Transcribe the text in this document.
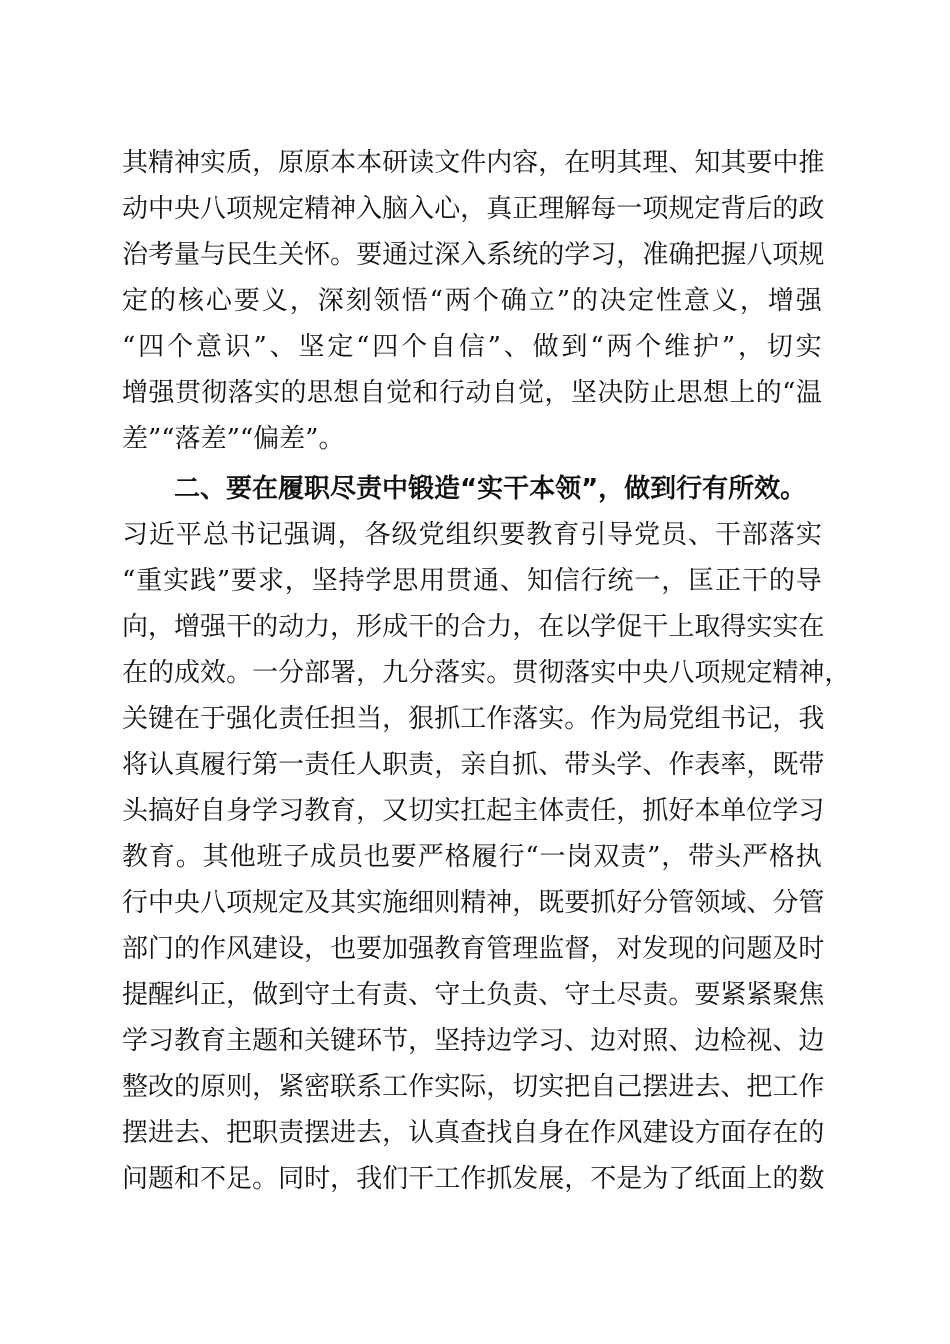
其 精 神 实 质 ， 原 原 本 本 研 读 文 件 内 容 ， 在 明 其 理 、 知 其 要 中 推
动 中 央 八 项 规 定 精 神 入 脑 入 心 ， 真 正 理 解 每 一 项 规 定 背 后 的 政
治 考 量 与 民 生 关 怀 。 要 通 过 深 入 系 统 的 学 习 ， 准 确 把 握 八 项 规
定 的 核 心 要 义 ， 深 刻 领 悟 “ 两 个 确 立 ” 的 决 定 性 意 义 ， 增 强
“ 四 个 意 识 ” 、 坚 定 “ 四 个 自 信 ” 、 做 到 “ 两 个 维 护 ” ， 切 实
增 强 贯 彻 落 实 的 思 想 自 觉 和 行 动 自 觉 ， 坚 决 防 止 思 想 上 的 “ 温
差”“落差”“偏差”。
二、要在履职尽责中锻造“实干本领”，做到行有所效。
习 近 平 总 书 记 强 调 ， 各 级 党 组 织 要 教 育 引 导 党 员 、 干 部 落 实
“ 重 实 践 ” 要 求 ， 坚 持 学 思 用 贯 通 、 知 信 行 统 一 ， 匡 正 干 的 导
向 ， 增 强 干 的 动 力 ， 形 成 干 的 合 力 ， 在 以 学 促 干 上 取 得 实 实 在
在 的 成 效 。 一 分 部 署 ， 九 分 落 实 。 贯 彻 落 实 中 央 八 项 规 定 精 神 ，
关 键 在 于 强 化 责 任 担 当 ， 狠 抓 工 作 落 实 。 作 为 局 党 组 书 记 ， 我
将 认 真 履 行 第 一 责 任 人 职 责 ， 亲 自 抓 、 带 头 学 、 作 表 率 ， 既 带
头 搞 好 自 身 学 习 教 育 ， 又 切 实 扛 起 主 体 责 任 ， 抓 好 本 单 位 学 习
教 育 。 其 他 班 子 成 员 也 要 严 格 履 行 “ 一 岗 双 责 ” ， 带 头 严 格 执
行 中 央 八 项 规 定 及 其 实 施 细 则 精 神 ， 既 要 抓 好 分 管 领 域 、 分 管
部 门 的 作 风 建 设 ， 也 要 加 强 教 育 管 理 监 督 ， 对 发 现 的 问 题 及 时
提 醒 纠 正 ， 做 到 守 土 有 责 、 守 土 负 责 、 守 土 尽 责 。 要 紧 紧 聚 焦
学 习 教 育 主 题 和 关 键 环 节 ， 坚 持 边 学 习 、 边 对 照 、 边 检 视 、 边
整 改 的 原 则 ， 紧 密 联 系 工 作 实 际 ， 切 实 把 自 己 摆 进 去 、 把 工 作
摆 进 去 、 把 职 责 摆 进 去 ， 认 真 查 找 自 身 在 作 风 建 设 方 面 存 在 的
问 题 和 不 足 。 同 时 ， 我 们 干 工 作 抓 发 展 ， 不 是 为 了 纸 面 上 的 数
